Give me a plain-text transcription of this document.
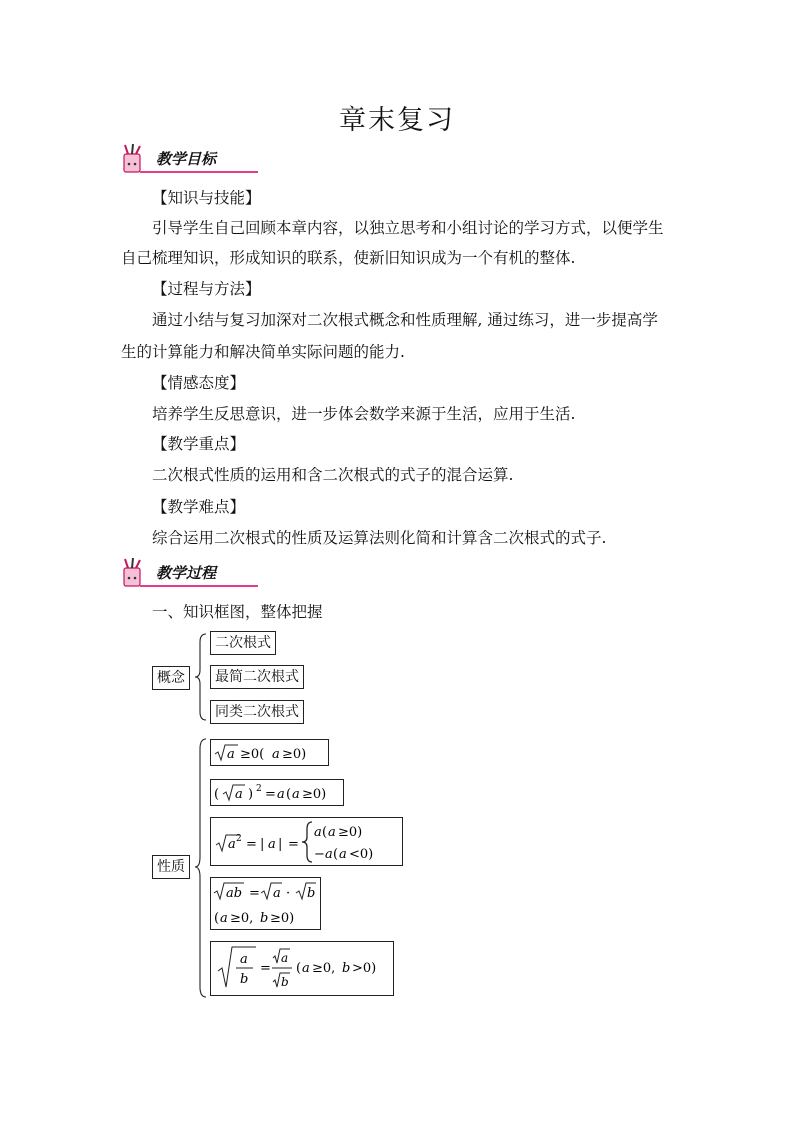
章末复习
教学目标
【知识与技能】
引导学生自己回顾本章内容，以独立思考和小组讨论的学习方式，以便学生
自己梳理知识，形成知识的联系，使新旧知识成为一个有机的整体.
【过程与方法】
通过小结与复习加深对二次根式概念和性质理解, 通过练习，进一步提高学
生的计算能力和解决简单实际问题的能力.
【情感态度】
培养学生反思意识，进一步体会数学来源于生活，应用于生活.
【教学重点】
二次根式性质的运用和含二次根式的式子的混合运算.
【教学难点】
综合运用二次根式的性质及运算法则化简和计算含二次根式的式子.
教学过程
一、知识框图，整体把握
概念
二次根式
最简二次根式
同类二次根式
性质
a ≥0( a ≥0)
( a ) 2 = a ( a ≥0)
a 2 = | a | =
a ( a ≥0)
− a ( a <0)
ab = a · b
( a ≥0, b ≥0)
a
b
=
a
b
( a ≥0, b >0)
